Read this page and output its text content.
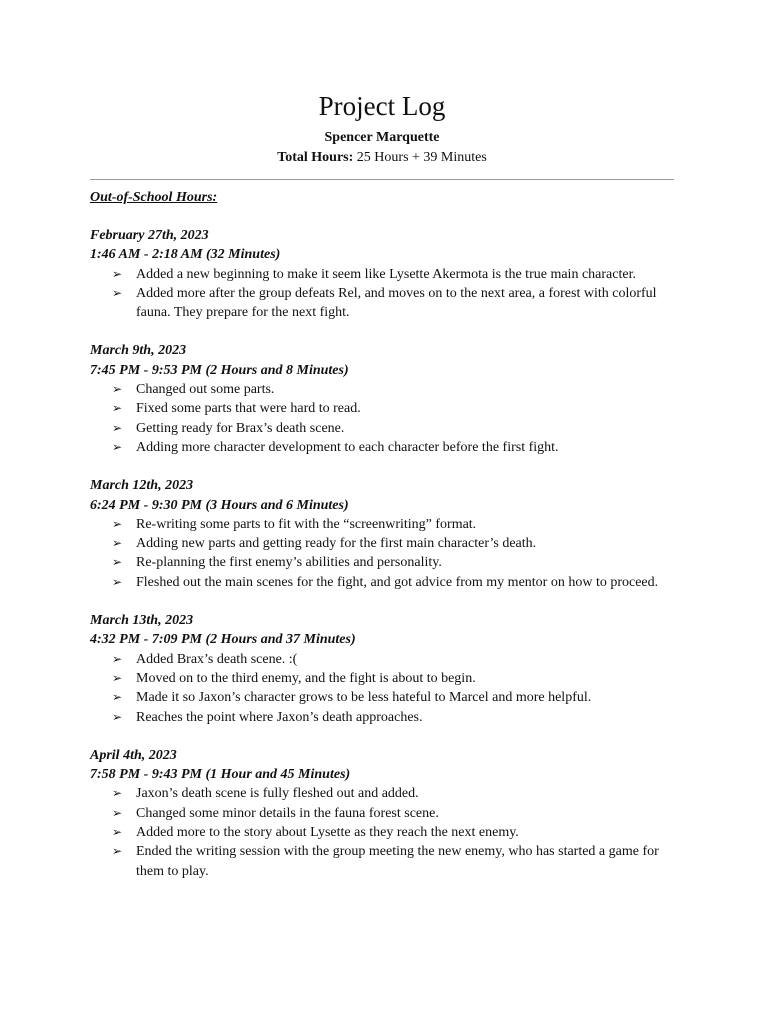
Project Log
Spencer Marquette
Total Hours: 25 Hours + 39 Minutes
Out-of-School Hours:
February 27th, 2023
1:46 AM - 2:18 AM (32 Minutes)
➢ Added a new beginning to make it seem like Lysette Akermota is the true main character.
➢ Added more after the group defeats Rel, and moves on to the next area, a forest with colorful fauna. They prepare for the next fight.
March 9th, 2023
7:45 PM - 9:53 PM (2 Hours and 8 Minutes)
➢ Changed out some parts.
➢ Fixed some parts that were hard to read.
➢ Getting ready for Brax’s death scene.
➢ Adding more character development to each character before the first fight.
March 12th, 2023
6:24 PM - 9:30 PM (3 Hours and 6 Minutes)
➢ Re-writing some parts to fit with the “screenwriting” format.
➢ Adding new parts and getting ready for the first main character’s death.
➢ Re-planning the first enemy’s abilities and personality.
➢ Fleshed out the main scenes for the fight, and got advice from my mentor on how to proceed.
March 13th, 2023
4:32 PM - 7:09 PM (2 Hours and 37 Minutes)
➢ Added Brax’s death scene. :(
➢ Moved on to the third enemy, and the fight is about to begin.
➢ Made it so Jaxon’s character grows to be less hateful to Marcel and more helpful.
➢ Reaches the point where Jaxon’s death approaches.
April 4th, 2023
7:58 PM - 9:43 PM (1 Hour and 45 Minutes)
➢ Jaxon’s death scene is fully fleshed out and added.
➢ Changed some minor details in the fauna forest scene.
➢ Added more to the story about Lysette as they reach the next enemy.
➢ Ended the writing session with the group meeting the new enemy, who has started a game for them to play.
